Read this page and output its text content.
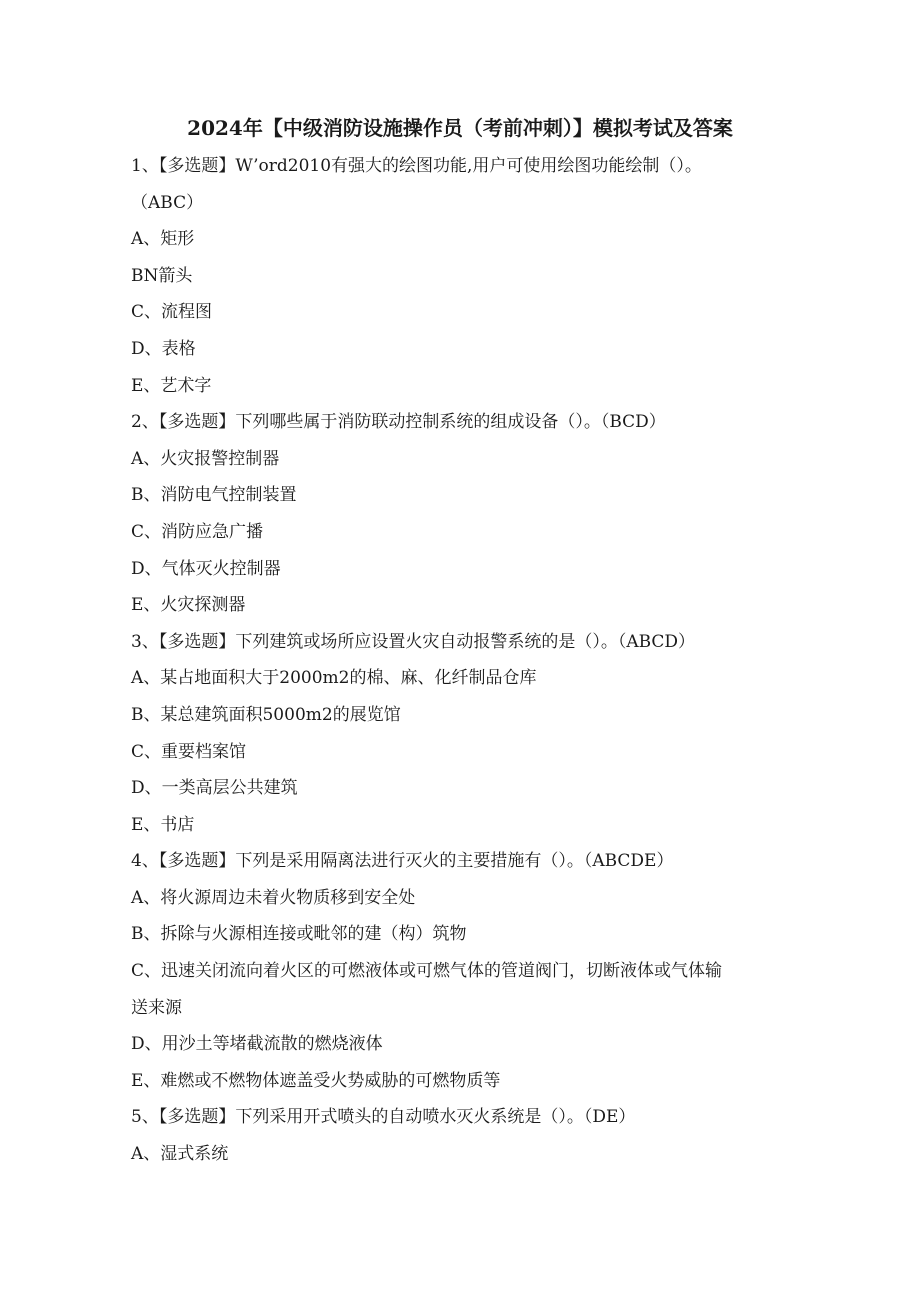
2024年【中级消防设施操作员（考前冲刺）】模拟考试及答案
1、【多选题】W’ord2010有强大的绘图功能,用户可使用绘图功能绘制（）。
（ABC）
A、矩形
BN箭头
C、流程图
D、表格
E、艺术字
2、【多选题】下列哪些属于消防联动控制系统的组成设备（）。（BCD）
A、火灾报警控制器
B、消防电气控制装置
C、消防应急广播
D、气体灭火控制器
E、火灾探测器
3、【多选题】下列建筑或场所应设置火灾自动报警系统的是（）。（ABCD）
A、某占地面积大于2000m2的棉、麻、化纤制品仓库
B、某总建筑面积5000m2的展览馆
C、重要档案馆
D、一类高层公共建筑
E、书店
4、【多选题】下列是采用隔离法进行灭火的主要措施有（）。（ABCDE）
A、将火源周边未着火物质移到安全处
B、拆除与火源相连接或毗邻的建（构）筑物
C、迅速关闭流向着火区的可燃液体或可燃气体的管道阀门，切断液体或气体输
送来源
D、用沙土等堵截流散的燃烧液体
E、难燃或不燃物体遮盖受火势威胁的可燃物质等
5、【多选题】下列采用开式喷头的自动喷水灭火系统是（）。（DE）
A、湿式系统
